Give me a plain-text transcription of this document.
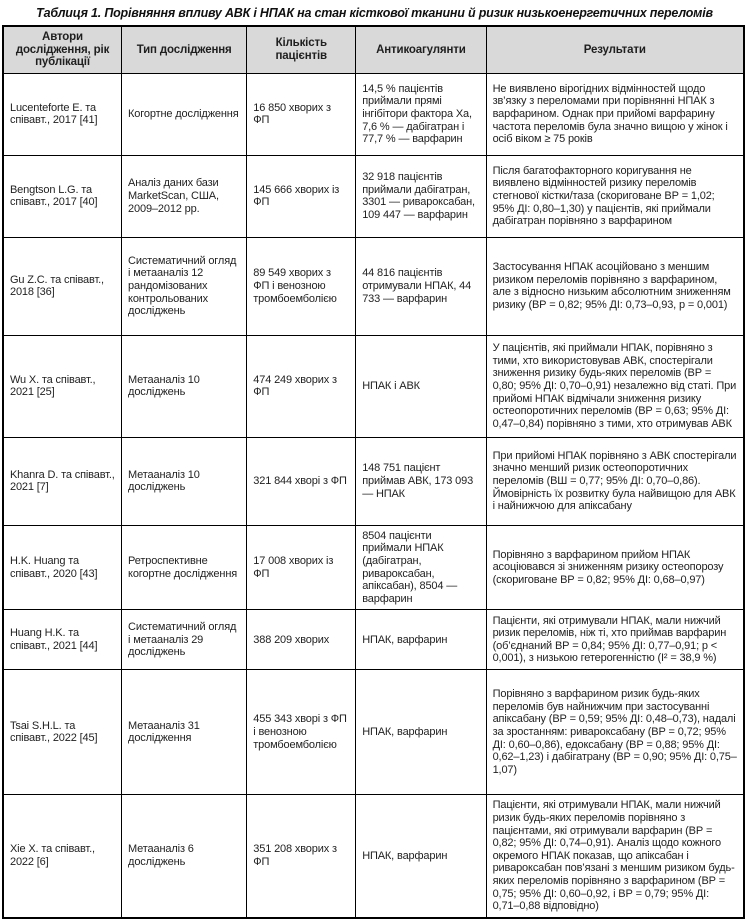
Таблиця 1. Порівняння впливу АВК і НПАК на стан кісткової тканини й ризик низькоенергетичних переломів
Автори дослідження, рік публікації	Тип дослідження	Кількість пацієнтів	Антикоагулянти	Результати
Lucenteforte E. та співавт., 2017 [41]	Когортне дослідження	16 850 хворих з ФП	14,5 % пацієнтів приймали прямі інгібітори фактора Ха, 7,6 % — дабігатран і 77,7 % — варфарин	Не виявлено вірогідних відмінностей щодо зв’язку з переломами при порівнянні НПАК з варфарином. Однак при прийомі варфарину частота переломів була значно вищою у жінок і осіб віком ≥ 75 років
Bengtson L.G. та співавт., 2017 [40]	Аналіз даних бази MarketScan, США, 2009–2012 рр.	145 666 хворих із ФП	32 918 пацієнтів приймали дабігатран, 3301 — ривароксабан, 109 447 — варфарин	Після багатофакторного коригування не виявлено відмінностей ризику переломів стегнової кістки/таза (скориговане ВР = 1,02; 95% ДІ: 0,80–1,30) у пацієнтів, які приймали дабігатран порівняно з варфарином
Gu Z.C. та співавт., 2018 [36]	Систематичний огляд і метааналіз 12 рандомізованих контрольованих досліджень	89 549 хворих з ФП і венозною тромбоемболією	44 816 пацієнтів отримували НПАК, 44 733 — варфарин	Застосування НПАК асоційовано з меншим ризиком переломів порівняно з варфарином, але з відносно низьким абсолютним зниженням ризику (ВР = 0,82; 95% ДІ: 0,73–0,93, p = 0,001)
Wu X. та співавт., 2021 [25]	Метааналіз 10 досліджень	474 249 хворих з ФП	НПАК і АВК	У пацієнтів, які приймали НПАК, порівняно з тими, хто використовував АВК, спостерігали зниження ризику будь-яких переломів (ВР = 0,80; 95% ДІ: 0,70–0,91) незалежно від статі. При прийомі НПАК відмічали зниження ризику остеопоротичних переломів (ВР = 0,63; 95% ДІ: 0,47–0,84) порівняно з тими, хто отримував АВК
Khanra D. та співавт., 2021 [7]	Метааналіз 10 досліджень	321 844 хворі з ФП	148 751 пацієнт приймав АВК, 173 093 — НПАК	При прийомі НПАК порівняно з АВК спостерігали значно менший ризик остеопоротичних переломів (ВШ = 0,77; 95% ДІ: 0,70–0,86). Ймовірність їх розвитку була найвищою для АВК і найнижчою для апіксабану
H.K. Huang та співавт., 2020 [43]	Ретроспективне когортне дослідження	17 008 хворих із ФП	8504 пацієнти приймали НПАК (дабігатран, ривароксабан, апіксабан), 8504 — варфарин	Порівняно з варфарином прийом НПАК асоціювався зі зниженням ризику остеопорозу (скориговане ВР = 0,82; 95% ДІ: 0,68–0,97)
Huang H.K. та співавт., 2021 [44]	Систематичний огляд і метааналіз 29 досліджень	388 209 хворих	НПАК, варфарин	Пацієнти, які отримували НПАК, мали нижчий ризик переломів, ніж ті, хто приймав варфарин (об’єднаний ВР = 0,84; 95% ДІ: 0,77–0,91; p < 0,001), з низькою гетерогенністю (I² = 38,9 %)
Tsai S.H.L. та співавт., 2022 [45]	Метааналіз 31 дослідження	455 343 хворі з ФП і венозною тромбоемболією	НПАК, варфарин	Порівняно з варфарином ризик будь-яких переломів був найнижчим при застосуванні апіксабану (ВР = 0,59; 95% ДІ: 0,48–0,73), надалі за зростанням: ривароксабану (ВР = 0,72; 95% ДІ: 0,60–0,86), едоксабану (ВР = 0,88; 95% ДІ: 0,62–1,23) і дабігатрану (ВР = 0,90; 95% ДІ: 0,75–1,07)
Xie X. та співавт., 2022 [6]	Метааналіз 6 досліджень	351 208 хворих з ФП	НПАК, варфарин	Пацієнти, які отримували НПАК, мали нижчий ризик будь-яких переломів порівняно з пацієнтами, які отримували варфарин (ВР = 0,82; 95% ДІ: 0,74–0,91). Аналіз щодо кожного окремого НПАК показав, що апіксабан і ривароксабан пов’язані з меншим ризиком будь-яких переломів порівняно з варфарином (ВР = 0,75; 95% ДІ: 0,60–0,92, і ВР = 0,79; 95% ДІ: 0,71–0,88 відповідно)
